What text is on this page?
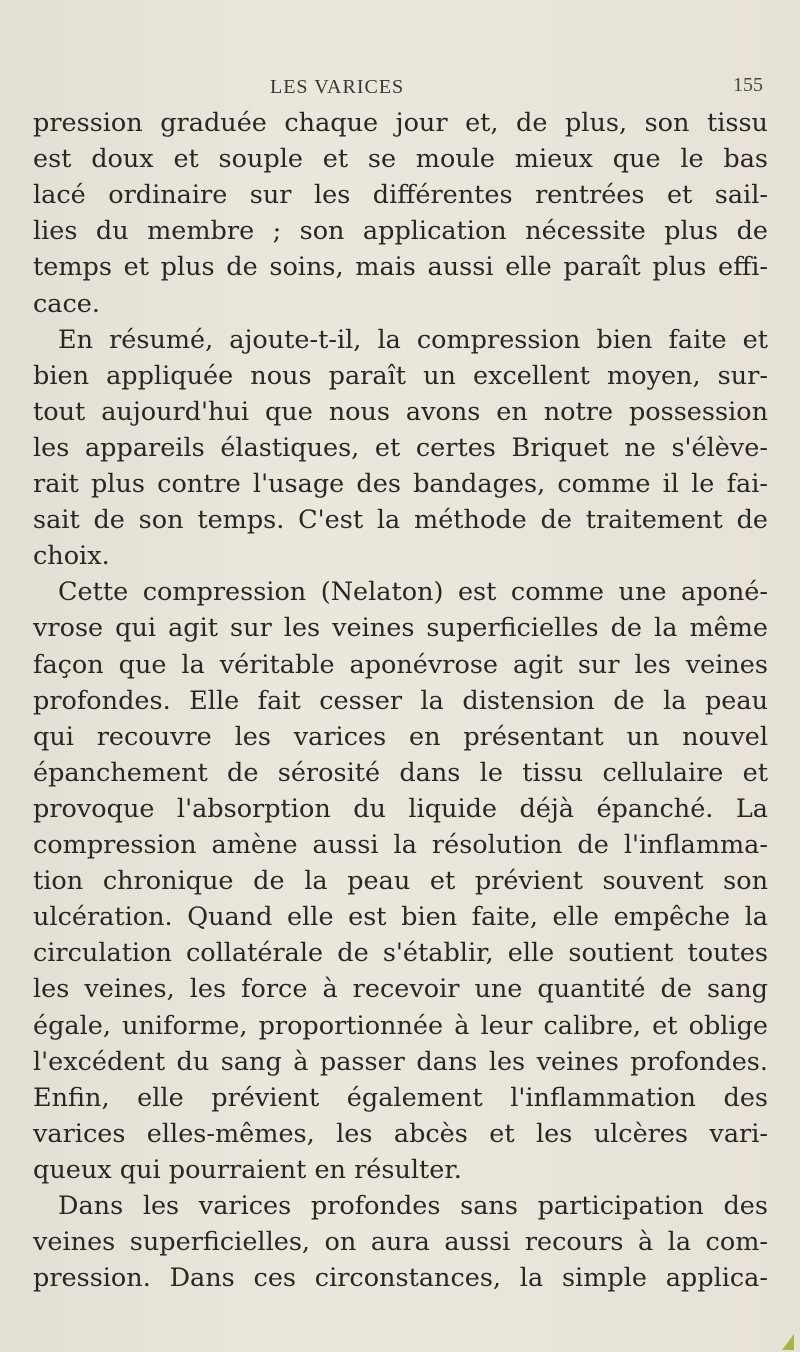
LES VARICES	155
pression graduée chaque jour et, de plus, son tissu
est doux et souple et se moule mieux que le bas
lacé ordinaire sur les différentes rentrées et sail-
lies du membre ; son application nécessite plus de
temps et plus de soins, mais aussi elle paraît plus effi-
cace.
En résumé, ajoute-t-il, la compression bien faite et
bien appliquée nous paraît un excellent moyen, sur-
tout aujourd'hui que nous avons en notre possession
les appareils élastiques, et certes Briquet ne s'élève-
rait plus contre l'usage des bandages, comme il le fai-
sait de son temps. C'est la méthode de traitement de
choix.
Cette compression (Nelaton) est comme une aponé-
vrose qui agit sur les veines superficielles de la même
façon que la véritable aponévrose agit sur les veines
profondes. Elle fait cesser la distension de la peau
qui recouvre les varices en présentant un nouvel
épanchement de sérosité dans le tissu cellulaire et
provoque l'absorption du liquide déjà épanché. La
compression amène aussi la résolution de l'inflamma-
tion chronique de la peau et prévient souvent son
ulcération. Quand elle est bien faite, elle empêche la
circulation collatérale de s'établir, elle soutient toutes
les veines, les force à recevoir une quantité de sang
égale, uniforme, proportionnée à leur calibre, et oblige
l'excédent du sang à passer dans les veines profondes.
Enfin, elle prévient également l'inflammation des
varices elles-mêmes, les abcès et les ulcères vari-
queux qui pourraient en résulter.
Dans les varices profondes sans participation des
veines superficielles, on aura aussi recours à la com-
pression. Dans ces circonstances, la simple applica-
